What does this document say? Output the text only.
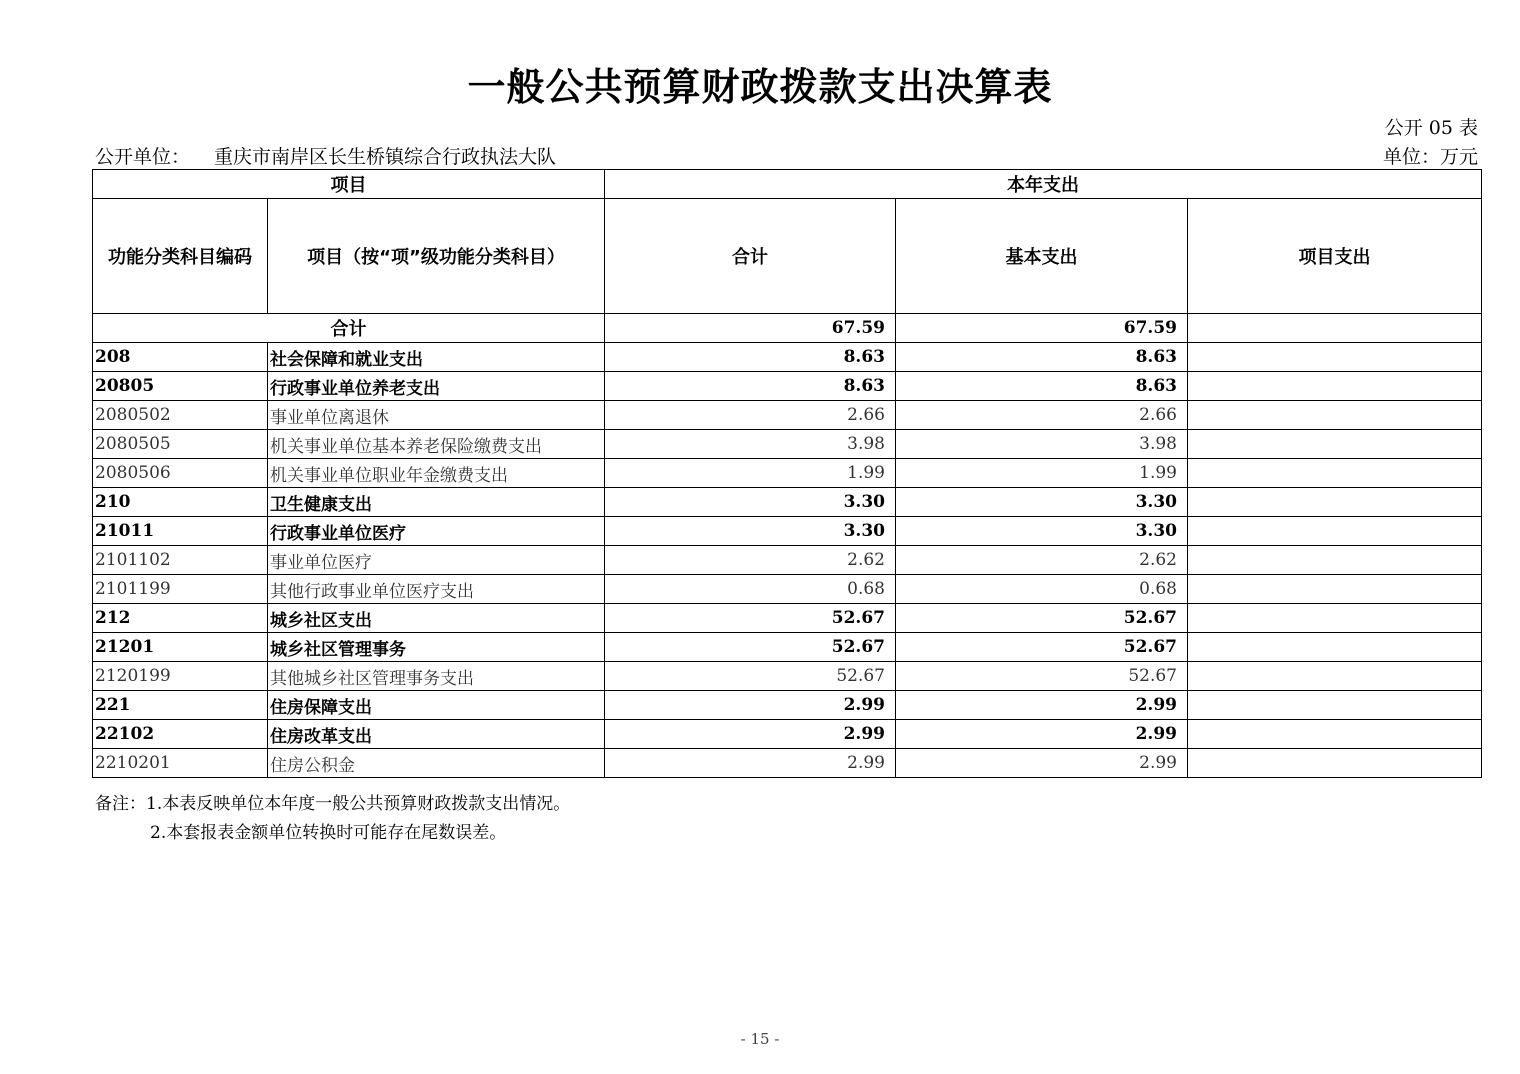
一般公共预算财政拨款支出决算表
公开 05 表
公开单位： 重庆市南岸区长生桥镇综合行政执法大队	单位：万元
项目		本年支出		
功能分类科目编码	项目（按“项”级功能分类科目）	合计	基本支出	项目支出
合计		67.59	67.59	
208	社会保障和就业支出	8.63	8.63	
20805	行政事业单位养老支出	8.63	8.63	
2080502	事业单位离退休	2.66	2.66	
2080505	机关事业单位基本养老保险缴费支出	3.98	3.98	
2080506	机关事业单位职业年金缴费支出	1.99	1.99	
210	卫生健康支出	3.30	3.30	
21011	行政事业单位医疗	3.30	3.30	
2101102	事业单位医疗	2.62	2.62	
2101199	其他行政事业单位医疗支出	0.68	0.68	
212	城乡社区支出	52.67	52.67	
21201	城乡社区管理事务	52.67	52.67	
2120199	其他城乡社区管理事务支出	52.67	52.67	
221	住房保障支出	2.99	2.99	
22102	住房改革支出	2.99	2.99	
2210201	住房公积金	2.99	2.99	
备注：1.本表反映单位本年度一般公共预算财政拨款支出情况。
2.本套报表金额单位转换时可能存在尾数误差。
- 15 -
